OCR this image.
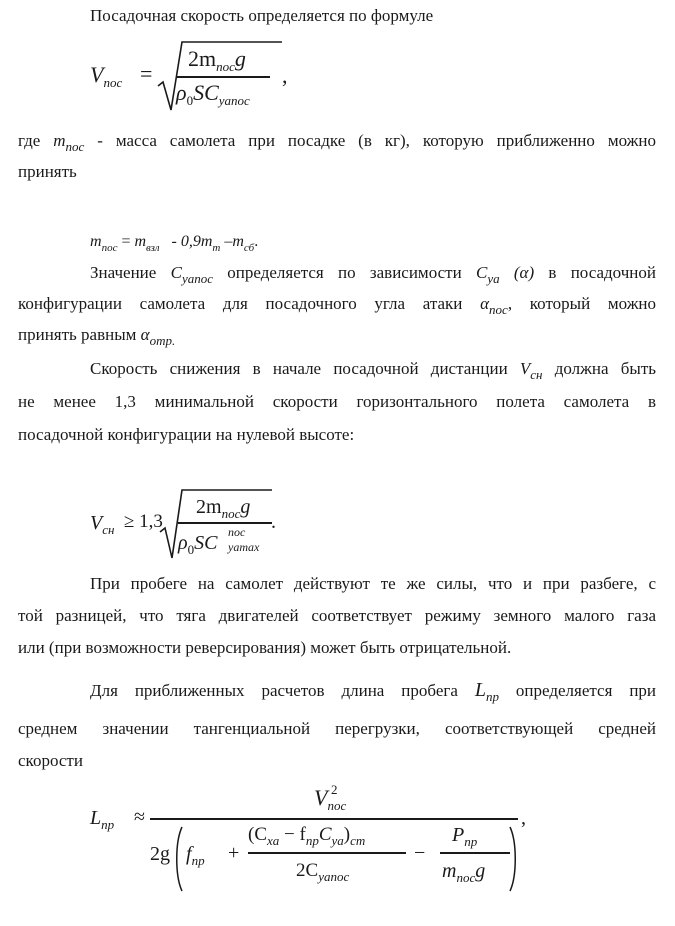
Посадочная скорость определяется по формуле
$V_{пос}$ =
$2m_{пос}g$
$\rho_0SC_{yaпос}$
,
где $m_{пос}$ - масса самолета при посадке (в кг), которую приближенно можно
принять
$m_{пос} = m_{взл} - 0,9m_т$ $-m_{сб}$.
Значение $C_{yaпос}$ определяется по зависимости $C_{ya}$ (α) в посадочной
конфигурации самолета для посадочного угла атаки $\alpha_{пос}$, который можно
принять равным $\alpha_{отр.}$
Скорость снижения в начале посадочной дистанции $V_{сн}$ должна быть
не менее 1,3 минимальной скорости горизонтального полета самолета в
посадочной конфигурации на нулевой высоте:
$V_{сн} \ge 1,3$
$2m_{пос}g$
$\rho_0SC$ пос
yamax
.
При пробеге на самолет действуют те же силы, что и при разбеге, с
той разницей, что тяга двигателей соответствует режиму земного малого газа
или (при возможности реверсирования) может быть отрицательной.
Для приближенных расчетов длина пробега $L_{пр}$ определяется при
среднем значении тангенциальной перегрузки, соответствующей средней
скорости
$L_{пр}$ ≈
V 2
$_{пос}$
2g $f_{пр}$ +
$(C_{xa} - f_{пр}C_{ya})_{ст}$
$2C_{yaпос}$
−
$P_{пр}$
$m_{пос}g$
,
